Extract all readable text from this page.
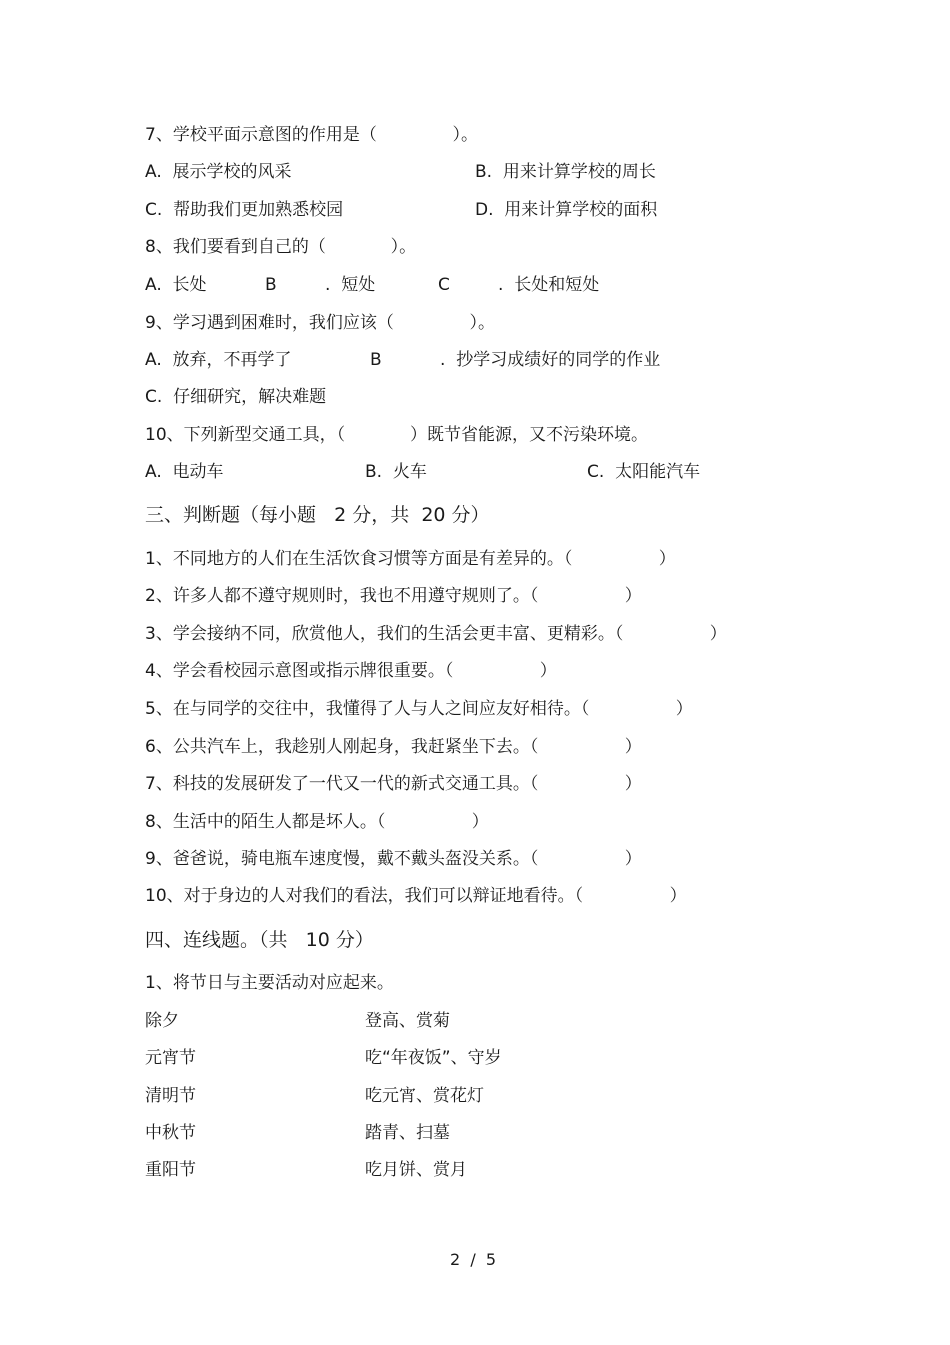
7、学校平面示意图的作用是（              ）。
A.  展示学校的风采	B.  用来计算学校的周长
C.  帮助我们更加熟悉校园	D.  用来计算学校的面积
8、我们要看到自己的（            ）。
A.  长处	B	.  短处	C	.  长处和短处
9、学习遇到困难时，我们应该（              ）。
A.  放弃，不再学了	B	.  抄学习成绩好的同学的作业
C.  仔细研究，解决难题
10、下列新型交通工具，（            ）既节省能源，又不污染环境。
A.  电动车	B.  火车	C.  太阳能汽车
三、判断题（每小题   2 分，共  20 分）
1、不同地方的人们在生活饮食习惯等方面是有差异的。（                ）
2、许多人都不遵守规则时，我也不用遵守规则了。（                ）
3、学会接纳不同，欣赏他人，我们的生活会更丰富、更精彩。（                ）
4、学会看校园示意图或指示牌很重要。（                ）
5、在与同学的交往中，我懂得了人与人之间应友好相待。（                ）
6、公共汽车上，我趁别人刚起身，我赶紧坐下去。（                ）
7、科技的发展研发了一代又一代的新式交通工具。（                ）
8、生活中的陌生人都是坏人。（                ）
9、爸爸说，骑电瓶车速度慢，戴不戴头盔没关系。（                ）
10、对于身边的人对我们的看法，我们可以辩证地看待。（                ）
四、连线题。（共   10 分）
1、将节日与主要活动对应起来。
除夕	登高、赏菊
元宵节	吃“年夜饭”、守岁
清明节	吃元宵、赏花灯
中秋节	踏青、扫墓
重阳节	吃月饼、赏月
2  /  5
